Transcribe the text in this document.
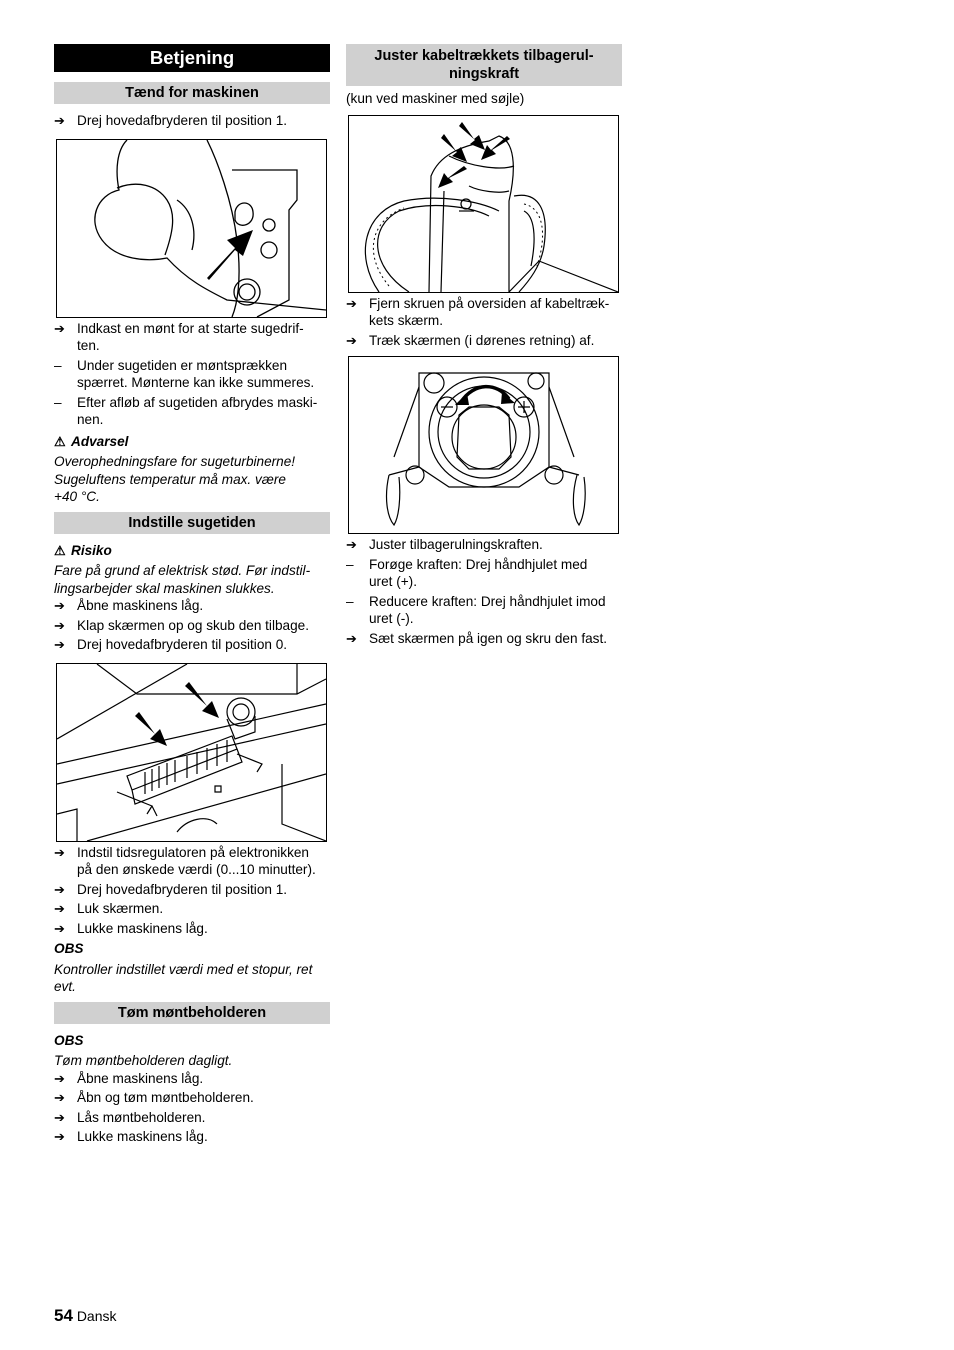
Betjening
Tænd for maskinen
➔ Drej hovedafbryderen til position 1.
➔ Indkast en mønt for at starte sugedrif-
ten.
–	Under sugetiden er møntsprækken
spærret. Mønterne kan ikke summeres.
–	Efter afløb af sugetiden afbrydes maski-
nen.
⚠ Advarsel
Overophedningsfare for sugeturbinerne!
Sugeluftens temperatur må max. være
+40 °C.
Indstille sugetiden
⚠ Risiko
Fare på grund af elektrisk stød. Før indstil-
lingsarbejder skal maskinen slukkes.
➔ Åbne maskinens låg.
➔ Klap skærmen op og skub den tilbage.
➔ Drej hovedafbryderen til position 0.
➔ Indstil tidsregulatoren på elektronikken
på den ønskede værdi (0...10 minutter).
➔ Drej hovedafbryderen til position 1.
➔ Luk skærmen.
➔ Lukke maskinens låg.
OBS
Kontroller indstillet værdi med et stopur, ret
evt.
Tøm møntbeholderen
OBS
Tøm møntbeholderen dagligt.
➔ Åbne maskinens låg.
➔ Åbn og tøm møntbeholderen.
➔ Lås møntbeholderen.
➔ Lukke maskinens låg.
Juster kabeltrækkets tilbagerul-
ningskraft
(kun ved maskiner med søjle)
➔ Fjern skruen på oversiden af kabeltræk-
kets skærm.
➔ Træk skærmen (i dørenes retning) af.
➔ Juster tilbagerulningskraften.
–	Forøge kraften: Drej håndhjulet med
uret (+).
–	Reducere kraften: Drej håndhjulet imod
uret (-).
➔ Sæt skærmen på igen og skru den fast.
54 Dansk
